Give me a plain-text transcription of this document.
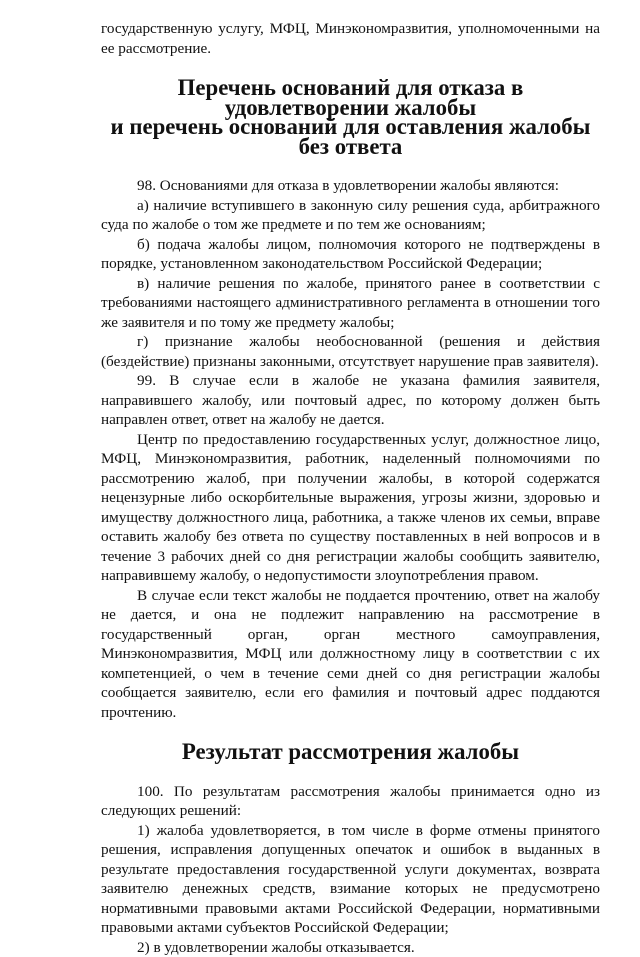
государственную услугу, МФЦ, Минэкономразвития, уполномоченными на ее рассмотрение.

Перечень оснований для отказа в удовлетворении жалобы
и перечень оснований для оставления жалобы без ответа

98. Основаниями для отказа в удовлетворении жалобы являются:

а) наличие вступившего в законную силу решения суда, арбитражного суда по жалобе о том же предмете и по тем же основаниям;

б) подача жалобы лицом, полномочия которого не подтверждены в порядке, установленном законодательством Российской Федерации;

в) наличие решения по жалобе, принятого ранее в соответствии с требованиями настоящего административного регламента в отношении того же заявителя и по тому же предмету жалобы;

г) признание жалобы необоснованной (решения и действия (бездействие) признаны законными, отсутствует нарушение прав заявителя).

99. В случае если в жалобе не указана фамилия заявителя, направившего жалобу, или почтовый адрес, по которому должен быть направлен ответ, ответ на жалобу не дается.

Центр по предоставлению государственных услуг, должностное лицо, МФЦ, Минэкономразвития, работник, наделенный полномочиями по рассмотрению жалоб, при получении жалобы, в которой содержатся нецензурные либо оскорбительные выражения, угрозы жизни, здоровью и имуществу должностного лица, работника, а также членов их семьи, вправе оставить жалобу без ответа по существу поставленных в ней вопросов и в течение 3 рабочих дней со дня регистрации жалобы сообщить заявителю, направившему жалобу, о недопустимости злоупотребления правом.

В случае если текст жалобы не поддается прочтению, ответ на жалобу не дается, и она не подлежит направлению на рассмотрение в государственный орган, орган местного самоуправления, Минэкономразвития, МФЦ или должностному лицу в соответствии с их компетенцией, о чем в течение семи дней со дня регистрации жалобы сообщается заявителю, если его фамилия и почтовый адрес поддаются прочтению.

Результат рассмотрения жалобы

100. По результатам рассмотрения жалобы принимается одно из следующих решений:

1) жалоба удовлетворяется, в том числе в форме отмены принятого решения, исправления допущенных опечаток и ошибок в выданных в результате предоставления государственной услуги документах, возврата заявителю денежных средств, взимание которых не предусмотрено нормативными правовыми актами Российской Федерации, нормативными правовыми актами субъектов Российской Федерации;

2) в удовлетворении жалобы отказывается.
